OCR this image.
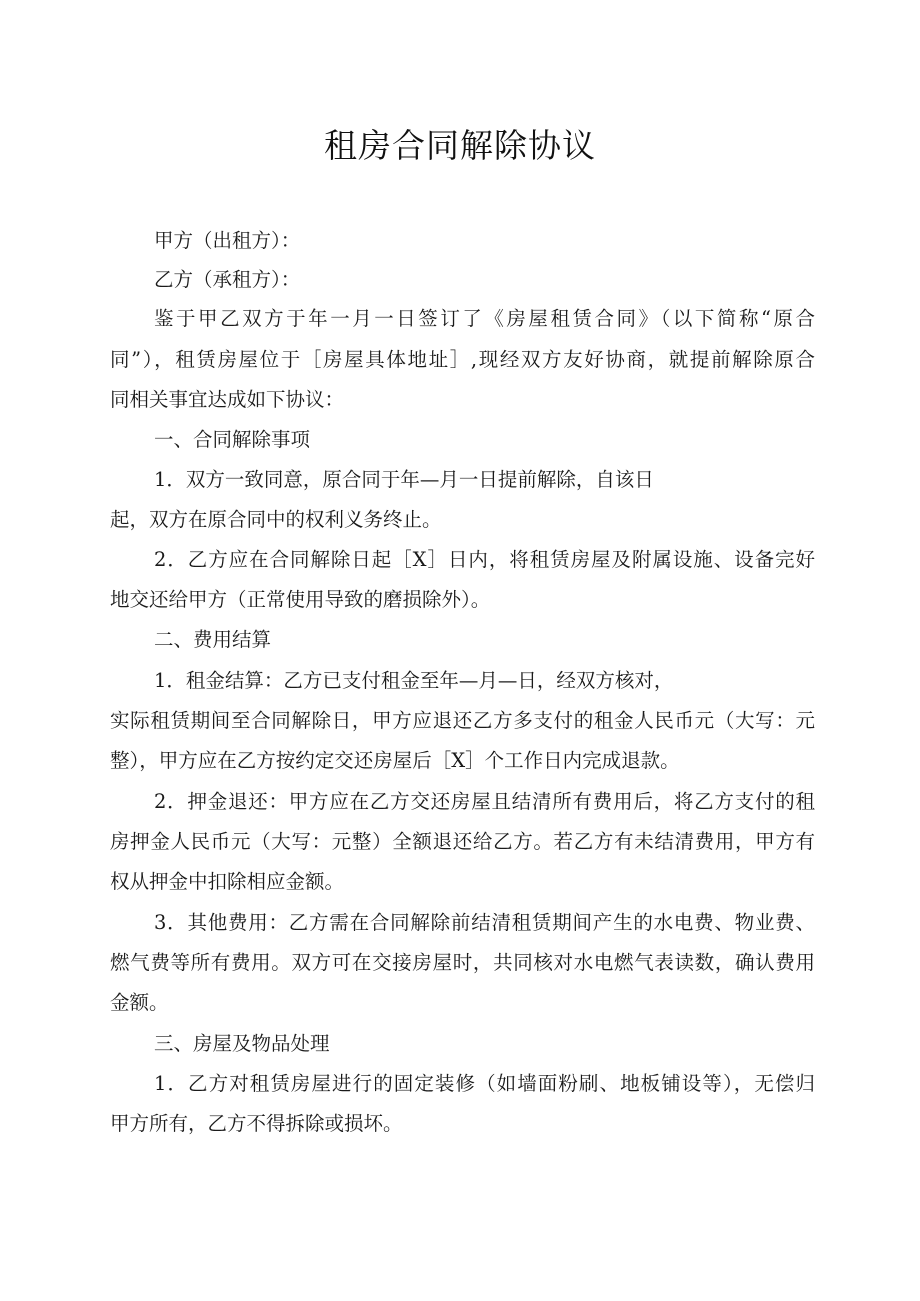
租房合同解除协议
甲方（出租方）：
乙方（承租方）：
鉴于甲乙双方于年一月一日签订了《房屋租赁合同》（以下简称“原合
同”），租赁房屋位于［房屋具体地址］,现经双方友好协商，就提前解除原合
同相关事宜达成如下协议：
一、合同解除事项
1．双方一致同意，原合同于年—月一日提前解除，自该日
起，双方在原合同中的权利义务终止。
2．乙方应在合同解除日起［X］日内，将租赁房屋及附属设施、设备完好
地交还给甲方（正常使用导致的磨损除外）。
二、费用结算
1．租金结算：乙方已支付租金至年—月—日，经双方核对，
实际租赁期间至合同解除日，甲方应退还乙方多支付的租金人民币元（大写：元
整），甲方应在乙方按约定交还房屋后［X］个工作日内完成退款。
2．押金退还：甲方应在乙方交还房屋且结清所有费用后，将乙方支付的租
房押金人民币元（大写：元整）全额退还给乙方。若乙方有未结清费用，甲方有
权从押金中扣除相应金额。
3．其他费用：乙方需在合同解除前结清租赁期间产生的水电费、物业费、
燃气费等所有费用。双方可在交接房屋时，共同核对水电燃气表读数，确认费用
金额。
三、房屋及物品处理
1．乙方对租赁房屋进行的固定装修（如墙面粉刷、地板铺设等），无偿归
甲方所有，乙方不得拆除或损坏。
